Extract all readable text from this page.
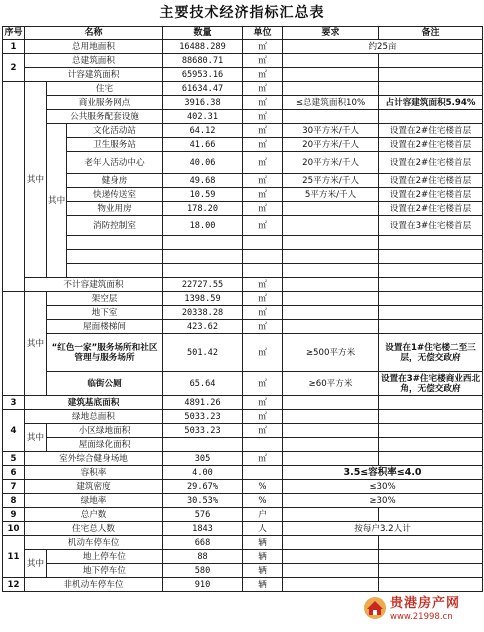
主要技术经济指标汇总表
序号	名称			数量	单位	要求	备注
1	总用地面积			16488.289	㎡	约25亩	
2	总建筑面积			88680.71	㎡		
	计容建筑面积			65953.16	㎡		
	其中	住宅		61634.47	㎡		
		商业服务网点		3916.38	㎡	≤总建筑面积10%	占计容建筑面积5.94%
		公共服务配套设施		402.31	㎡		
		其中	文化活动站	64.12	㎡	30平方米/千人	设置在2#住宅楼首层
			卫生服务站	41.66	㎡	20平方米/千人	设置在2#住宅楼首层
			老年人活动中心	40.06	㎡	20平方米/千人	设置在2#住宅楼首层
			健身房	49.68	㎡	25平方米/千人	设置在2#住宅楼首层
			快递传送室	10.59	㎡	5平方米/千人	设置在2#住宅楼首层
			物业用房	178.20	㎡		设置在2#住宅楼首层
			消防控制室	18.00	㎡		设置在3#住宅楼首层

	不计容建筑面积			22727.55	㎡		
	其中	架空层		1398.59	㎡		
		地下室		20338.28	㎡		
		屋面楼梯间		423.62	㎡		
		“红色一家”服务场所和社区管理与服务场所		501.42	㎡	≥500平方米	设置在1#住宅楼二至三层，无偿交政府
		临街公厕		65.64	㎡	≥60平方米	设置在3#住宅楼商业西北角，无偿交政府
3	建筑基底面积			4891.26	㎡		
4	绿地总面积			5033.23	㎡		
	其中	小区绿地面积		5033.23	㎡		
		屋面绿化面积					
5	室外综合健身场地			305	㎡		
6	容积率			4.00		3.5≤容积率≤4.0	
7	建筑密度			29.67%	%	≤30%	
8	绿地率			30.53%	%	≥30%	
9	总户数			576	户		
10	住宅总人数			1843	人	按每户3.2人计	
11	机动车停车位			668	辆		
	其中	地上停车位		88	辆		
		地下停车位		580	辆		
12	非机动车停车位			910	辆		
贵港房产网
www.21998.cn
